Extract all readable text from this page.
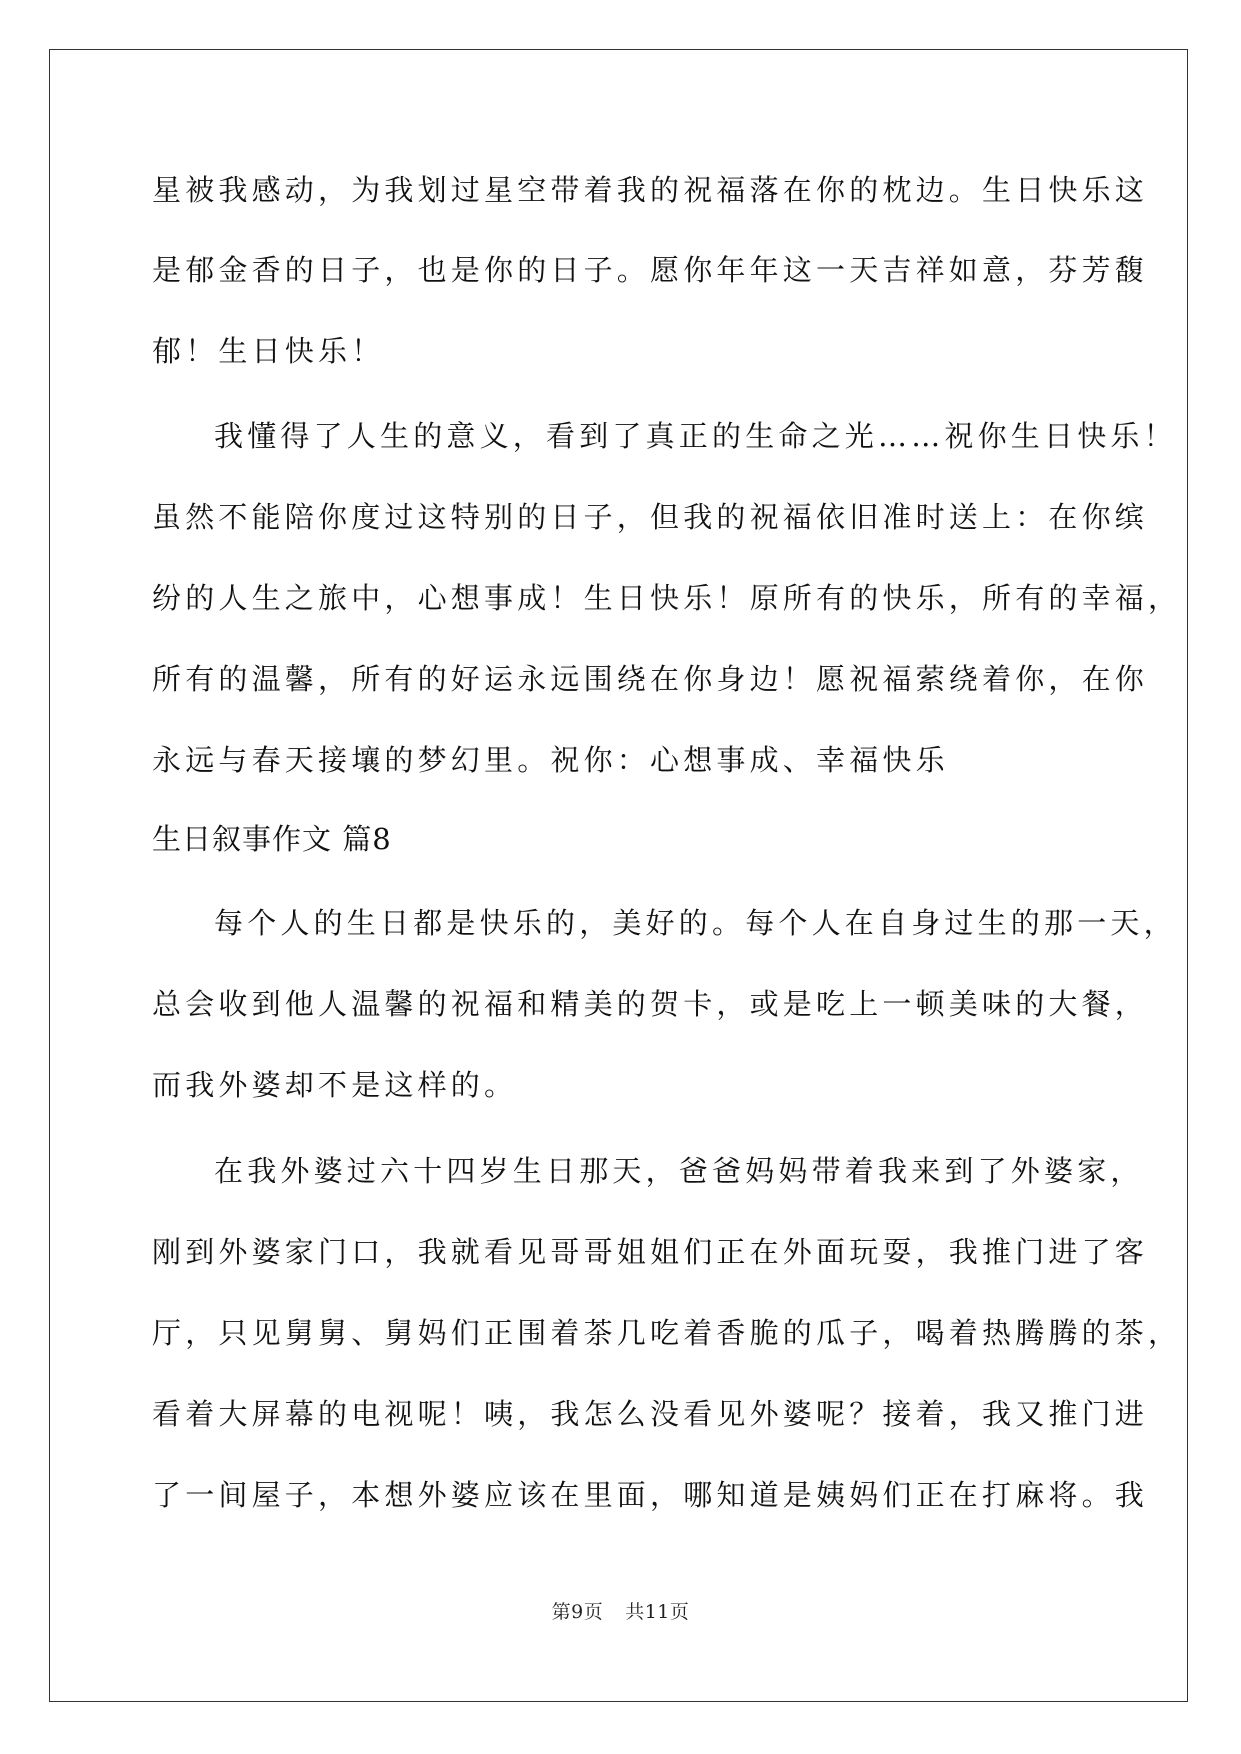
星被我感动，为我划过星空带着我的祝福落在你的枕边。生日快乐这
是郁金香的日子，也是你的日子。愿你年年这一天吉祥如意，芬芳馥
郁！生日快乐！
我懂得了人生的意义，看到了真正的生命之光……祝你生日快乐！
虽然不能陪你度过这特别的日子，但我的祝福依旧准时送上：在你缤
纷的人生之旅中，心想事成！生日快乐！原所有的快乐，所有的幸福，
所有的温馨，所有的好运永远围绕在你身边！愿祝福萦绕着你，在你
永远与春天接壤的梦幻里。祝你：心想事成、幸福快乐
生日叙事作文 篇8
每个人的生日都是快乐的，美好的。每个人在自身过生的那一天，
总会收到他人温馨的祝福和精美的贺卡，或是吃上一顿美味的大餐，
而我外婆却不是这样的。
在我外婆过六十四岁生日那天，爸爸妈妈带着我来到了外婆家，
刚到外婆家门口，我就看见哥哥姐姐们正在外面玩耍，我推门进了客
厅，只见舅舅、舅妈们正围着茶几吃着香脆的瓜子，喝着热腾腾的茶，
看着大屏幕的电视呢！咦，我怎么没看见外婆呢？接着，我又推门进
了一间屋子，本想外婆应该在里面，哪知道是姨妈们正在打麻将。我
第9页 共11页
